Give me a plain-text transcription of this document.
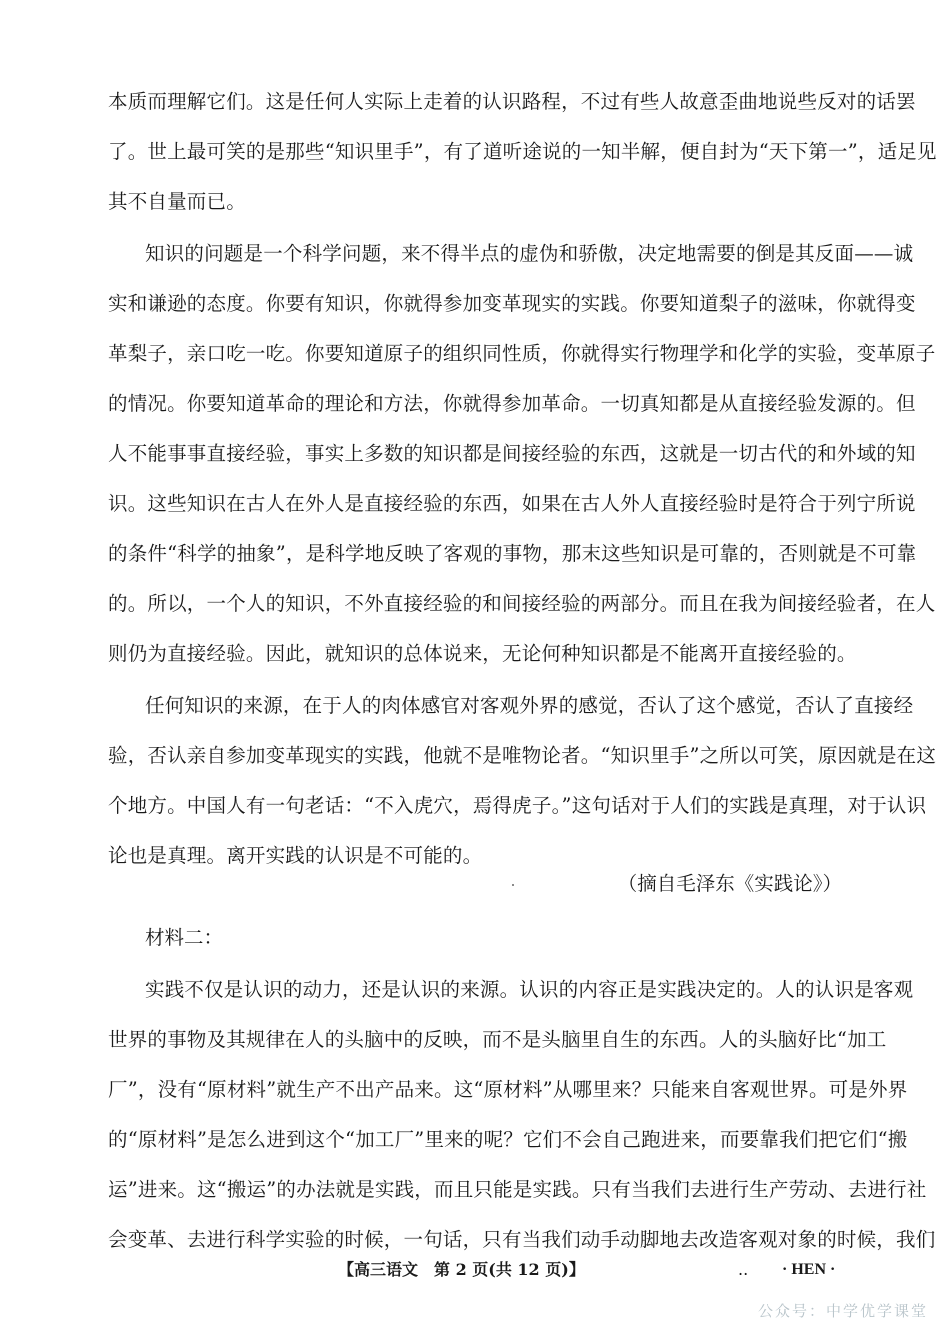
本质而理解它们。这是任何人实际上走着的认识路程，不过有些人故意歪曲地说些反对的话罢
了。世上最可笑的是那些“知识里手”，有了道听途说的一知半解，便自封为“天下第一”，适足见
其不自量而已。
知识的问题是一个科学问题，来不得半点的虚伪和骄傲，决定地需要的倒是其反面——诚
实和谦逊的态度。你要有知识，你就得参加变革现实的实践。你要知道梨子的滋味，你就得变
革梨子，亲口吃一吃。你要知道原子的组织同性质，你就得实行物理学和化学的实验，变革原子
的情况。你要知道革命的理论和方法，你就得参加革命。一切真知都是从直接经验发源的。但
人不能事事直接经验，事实上多数的知识都是间接经验的东西，这就是一切古代的和外域的知
识。这些知识在古人在外人是直接经验的东西，如果在古人外人直接经验时是符合于列宁所说
的条件“科学的抽象”，是科学地反映了客观的事物，那末这些知识是可靠的，否则就是不可靠
的。所以，一个人的知识，不外直接经验的和间接经验的两部分。而且在我为间接经验者，在人
则仍为直接经验。因此，就知识的总体说来，无论何种知识都是不能离开直接经验的。
任何知识的来源，在于人的肉体感官对客观外界的感觉，否认了这个感觉，否认了直接经
验，否认亲自参加变革现实的实践，他就不是唯物论者。“知识里手”之所以可笑，原因就是在这
个地方。中国人有一句老话：“不入虎穴，焉得虎子。”这句话对于人们的实践是真理，对于认识
论也是真理。离开实践的认识是不可能的。
（摘自毛泽东《实践论》）
材料二：
实践不仅是认识的动力，还是认识的来源。认识的内容正是实践决定的。人的认识是客观
世界的事物及其规律在人的头脑中的反映，而不是头脑里自生的东西。人的头脑好比“加工
厂”，没有“原材料”就生产不出产品来。这“原材料”从哪里来？只能来自客观世界。可是外界
的“原材料”是怎么进到这个“加工厂”里来的呢？它们不会自己跑进来，而要靠我们把它们“搬
运”进来。这“搬运”的办法就是实践，而且只能是实践。只有当我们去进行生产劳动、去进行社
会变革、去进行科学实验的时候，一句话，只有当我们动手动脚地去改造客观对象的时候，我们
【高三语文　第 2 页(共 12 页)】	.. · HEN ·
公众号：中学优学课堂
